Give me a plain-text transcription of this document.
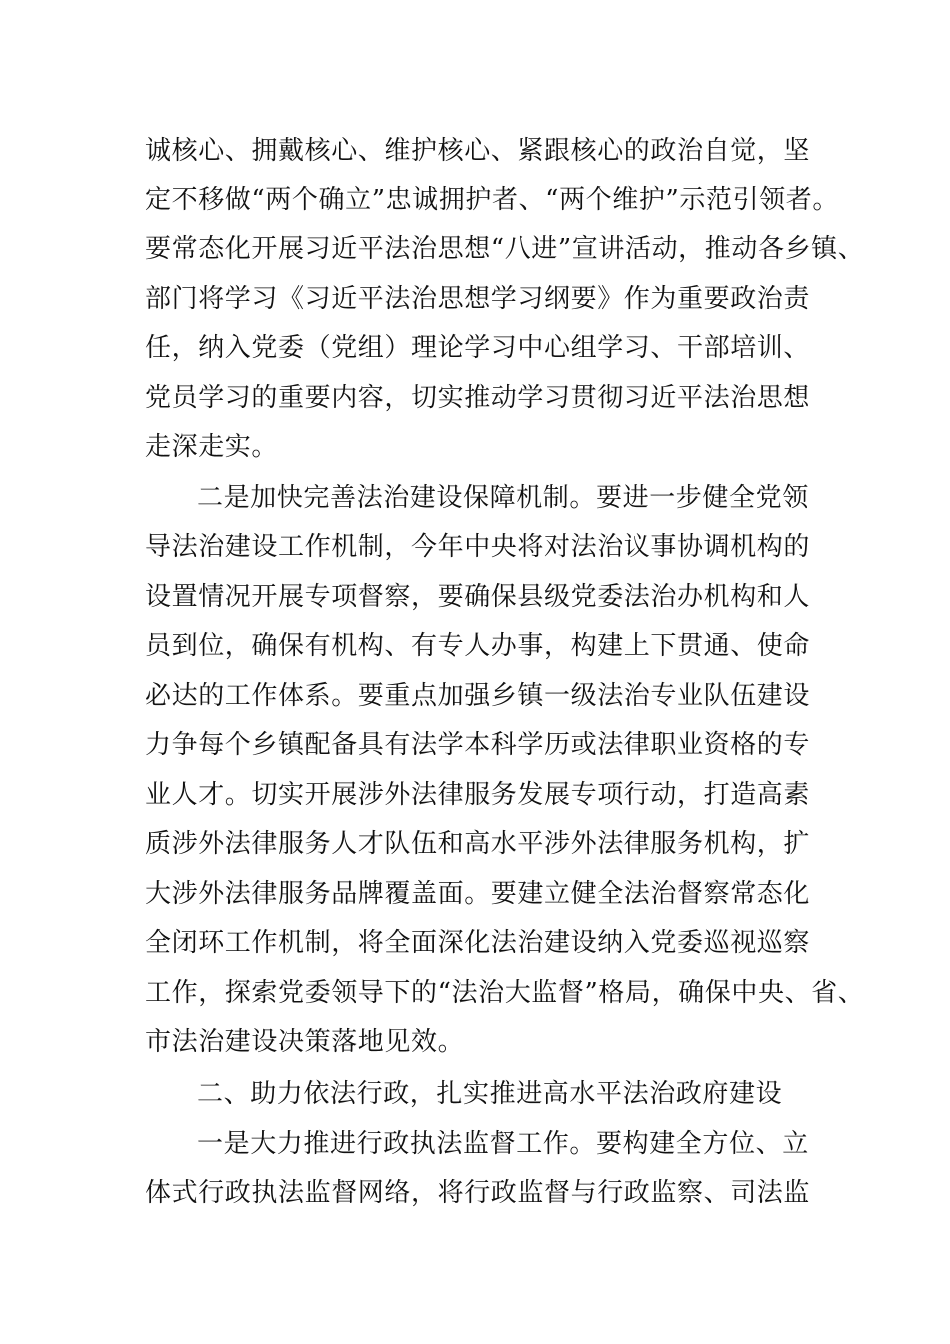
诚核心、拥戴核心、维护核心、紧跟核心的政治自觉，坚
定不移做“两个确立”忠诚拥护者、“两个维护”示范引领者。
要常态化开展习近平法治思想“八进”宣讲活动，推动各乡镇、
部门将学习《习近平法治思想学习纲要》作为重要政治责
任，纳入党委（党组）理论学习中心组学习、干部培训、
党员学习的重要内容，切实推动学习贯彻习近平法治思想
走深走实。
二是加快完善法治建设保障机制。要进一步健全党领
导法治建设工作机制，今年中央将对法治议事协调机构的
设置情况开展专项督察，要确保县级党委法治办机构和人
员到位，确保有机构、有专人办事，构建上下贯通、使命
必达的工作体系。要重点加强乡镇一级法治专业队伍建设
力争每个乡镇配备具有法学本科学历或法律职业资格的专
业人才。切实开展涉外法律服务发展专项行动，打造高素
质涉外法律服务人才队伍和高水平涉外法律服务机构，扩
大涉外法律服务品牌覆盖面。要建立健全法治督察常态化
全闭环工作机制，将全面深化法治建设纳入党委巡视巡察
工作，探索党委领导下的“法治大监督”格局，确保中央、省、
市法治建设决策落地见效。
二、助力依法行政，扎实推进高水平法治政府建设
一是大力推进行政执法监督工作。要构建全方位、立
体式行政执法监督网络，将行政监督与行政监察、司法监
